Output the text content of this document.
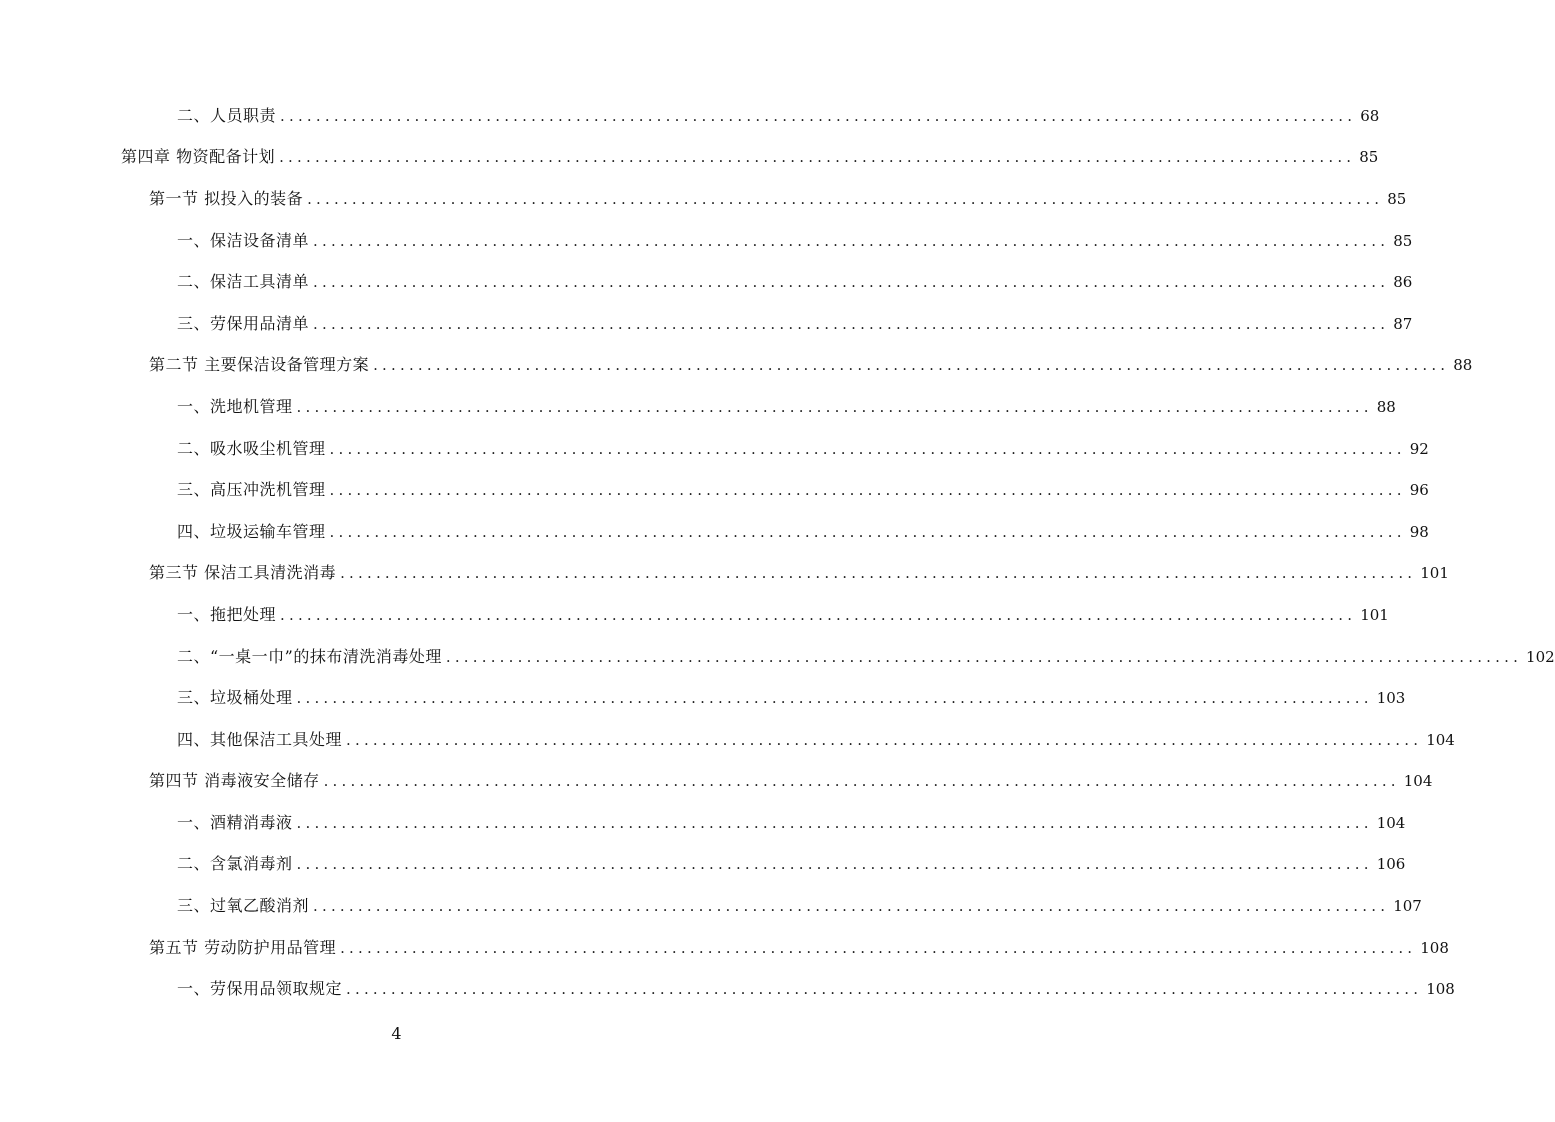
二、人员职责 ........................................................................................................................ 68
第四章 物资配备计划 ........................................................................................................................ 85
第一节 拟投入的装备 ........................................................................................................................ 85
一、保洁设备清单 ........................................................................................................................ 85
二、保洁工具清单 ........................................................................................................................ 86
三、劳保用品清单 ........................................................................................................................ 87
第二节 主要保洁设备管理方案 ........................................................................................................................ 88
一、洗地机管理 ........................................................................................................................ 88
二、吸水吸尘机管理 ........................................................................................................................ 92
三、高压冲洗机管理 ........................................................................................................................ 96
四、垃圾运输车管理 ........................................................................................................................ 98
第三节 保洁工具清洗消毒 ........................................................................................................................ 101
一、拖把处理 ........................................................................................................................ 101
二、“一桌一巾”的抹布清洗消毒处理 ........................................................................................................................ 102
三、垃圾桶处理 ........................................................................................................................ 103
四、其他保洁工具处理 ........................................................................................................................ 104
第四节 消毒液安全储存 ........................................................................................................................ 104
一、酒精消毒液 ........................................................................................................................ 104
二、含氯消毒剂 ........................................................................................................................ 106
三、过氧乙酸消剂 ........................................................................................................................ 107
第五节 劳动防护用品管理 ........................................................................................................................ 108
一、劳保用品领取规定 ........................................................................................................................ 108
4
